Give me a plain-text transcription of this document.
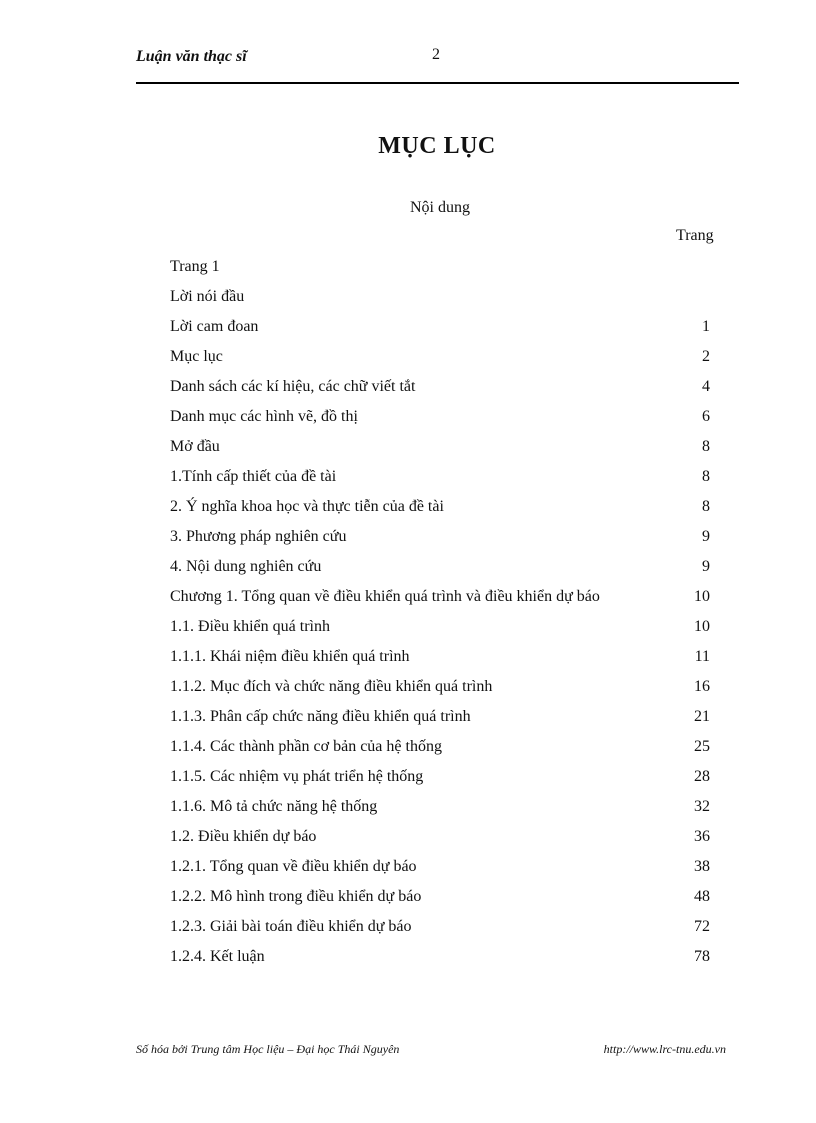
Luận văn thạc sĩ	2
MỤC LỤC
Nội dung
Trang
Trang 1
Lời nói đầu
Lời cam đoan	1
Mục lục	2
Danh sách các kí hiệu, các chữ viết tắt	4
Danh mục các hình vẽ, đồ thị	6
Mở đầu	8
1.Tính cấp thiết của đề tài	8
2. Ý nghĩa khoa học và thực tiễn của đề tài	8
3. Phương pháp nghiên cứu	9
4. Nội dung nghiên cứu	9
Chương 1. Tổng quan về điều khiển quá trình và điều khiển dự báo	10
1.1. Điều khiển quá trình	10
1.1.1. Khái niệm điều khiển quá trình	11
1.1.2. Mục đích và chức năng điều khiển quá trình	16
1.1.3. Phân cấp chức năng điều khiển quá trình	21
1.1.4. Các thành phần cơ bản của hệ thống	25
1.1.5. Các nhiệm vụ phát triển hệ thống	28
1.1.6. Mô tả chức năng hệ thống	32
1.2. Điều khiển dự báo	36
1.2.1. Tổng quan về điều khiển dự báo	38
1.2.2. Mô hình trong điều khiển dự báo	48
1.2.3. Giải bài toán điều khiển dự báo	72
1.2.4. Kết luận	78
Số hóa bởi Trung tâm Học liệu – Đại học Thái Nguyên	http://www.lrc-tnu.edu.vn
